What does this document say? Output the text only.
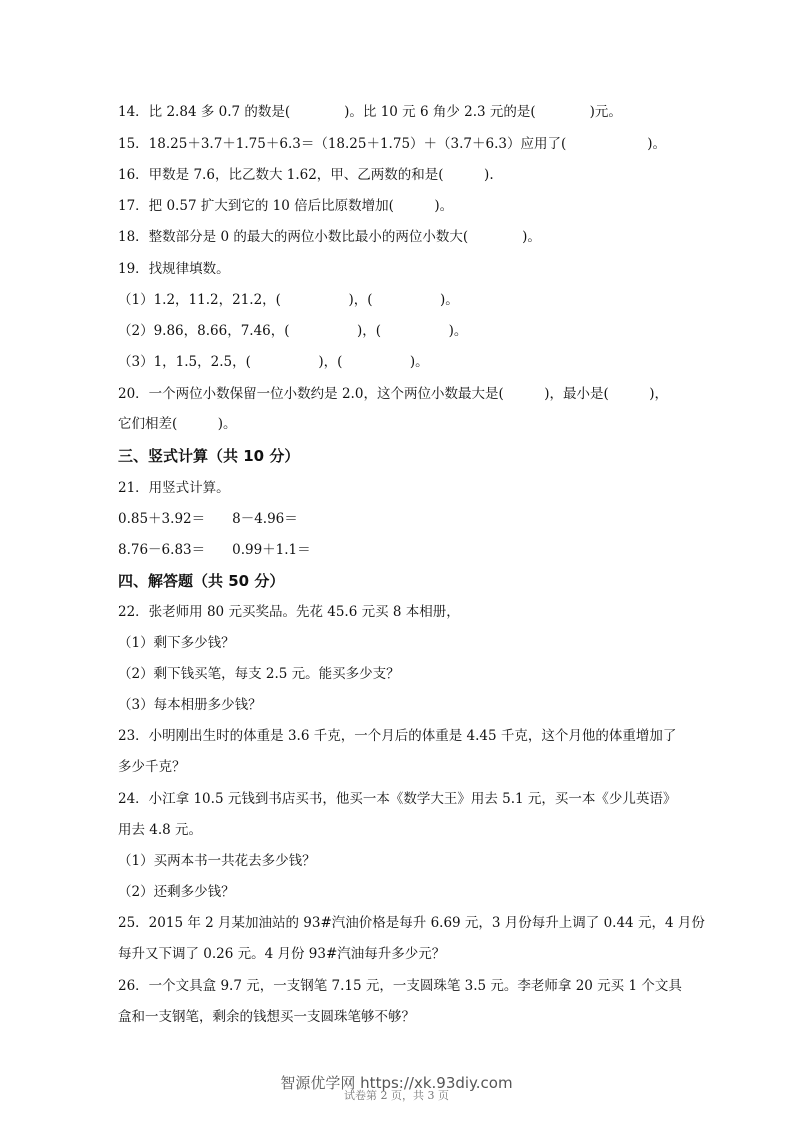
14．比 2.84 多 0.7 的数是(　　　　)。比 10 元 6 角少 2.3 元的是(　　　　)元。
15．18.25＋3.7＋1.75＋6.3＝（18.25＋1.75）＋（3.7＋6.3）应用了(　　　　　　)。
16．甲数是 7.6，比乙数大 1.62，甲、乙两数的和是(　　　).
17．把 0.57 扩大到它的 10 倍后比原数增加(　　　)。
18．整数部分是 0 的最大的两位小数比最小的两位小数大(　　　　)。
19．找规律填数。
（1）1.2，11.2，21.2，(　　　　　)，(　　　　　)。
（2）9.86，8.66，7.46，(　　　　　)，(　　　　　)。
（3）1，1.5，2.5，(　　　　　)，(　　　　　)。
20．一个两位小数保留一位小数约是 2.0，这个两位小数最大是(　　　)，最小是(　　　)，
它们相差(　　　)。
三、竖式计算（共 10 分）
21．用竖式计算。
0.85＋3.92＝　　8－4.96＝
8.76－6.83＝　　0.99＋1.1＝
四、解答题（共 50 分）
22．张老师用 80 元买奖品。先花 45.6 元买 8 本相册，
（1）剩下多少钱？
（2）剩下钱买笔，每支 2.5 元。能买多少支？
（3）每本相册多少钱？
23．小明刚出生时的体重是 3.6 千克，一个月后的体重是 4.45 千克，这个月他的体重增加了
多少千克？
24．小江拿 10.5 元钱到书店买书，他买一本《数学大王》用去 5.1 元，买一本《少儿英语》
用去 4.8 元。
（1）买两本书一共花去多少钱？
（2）还剩多少钱？
25．2015 年 2 月某加油站的 93#汽油价格是每升 6.69 元，3 月份每升上调了 0.44 元，4 月份
每升又下调了 0.26 元。4 月份 93#汽油每升多少元？
26．一个文具盒 9.7 元，一支钢笔 7.15 元，一支圆珠笔 3.5 元。李老师拿 20 元买 1 个文具
盒和一支钢笔，剩余的钱想买一支圆珠笔够不够？
智源优学网 https://xk.93diy.com
试卷第 2 页，共 3 页
